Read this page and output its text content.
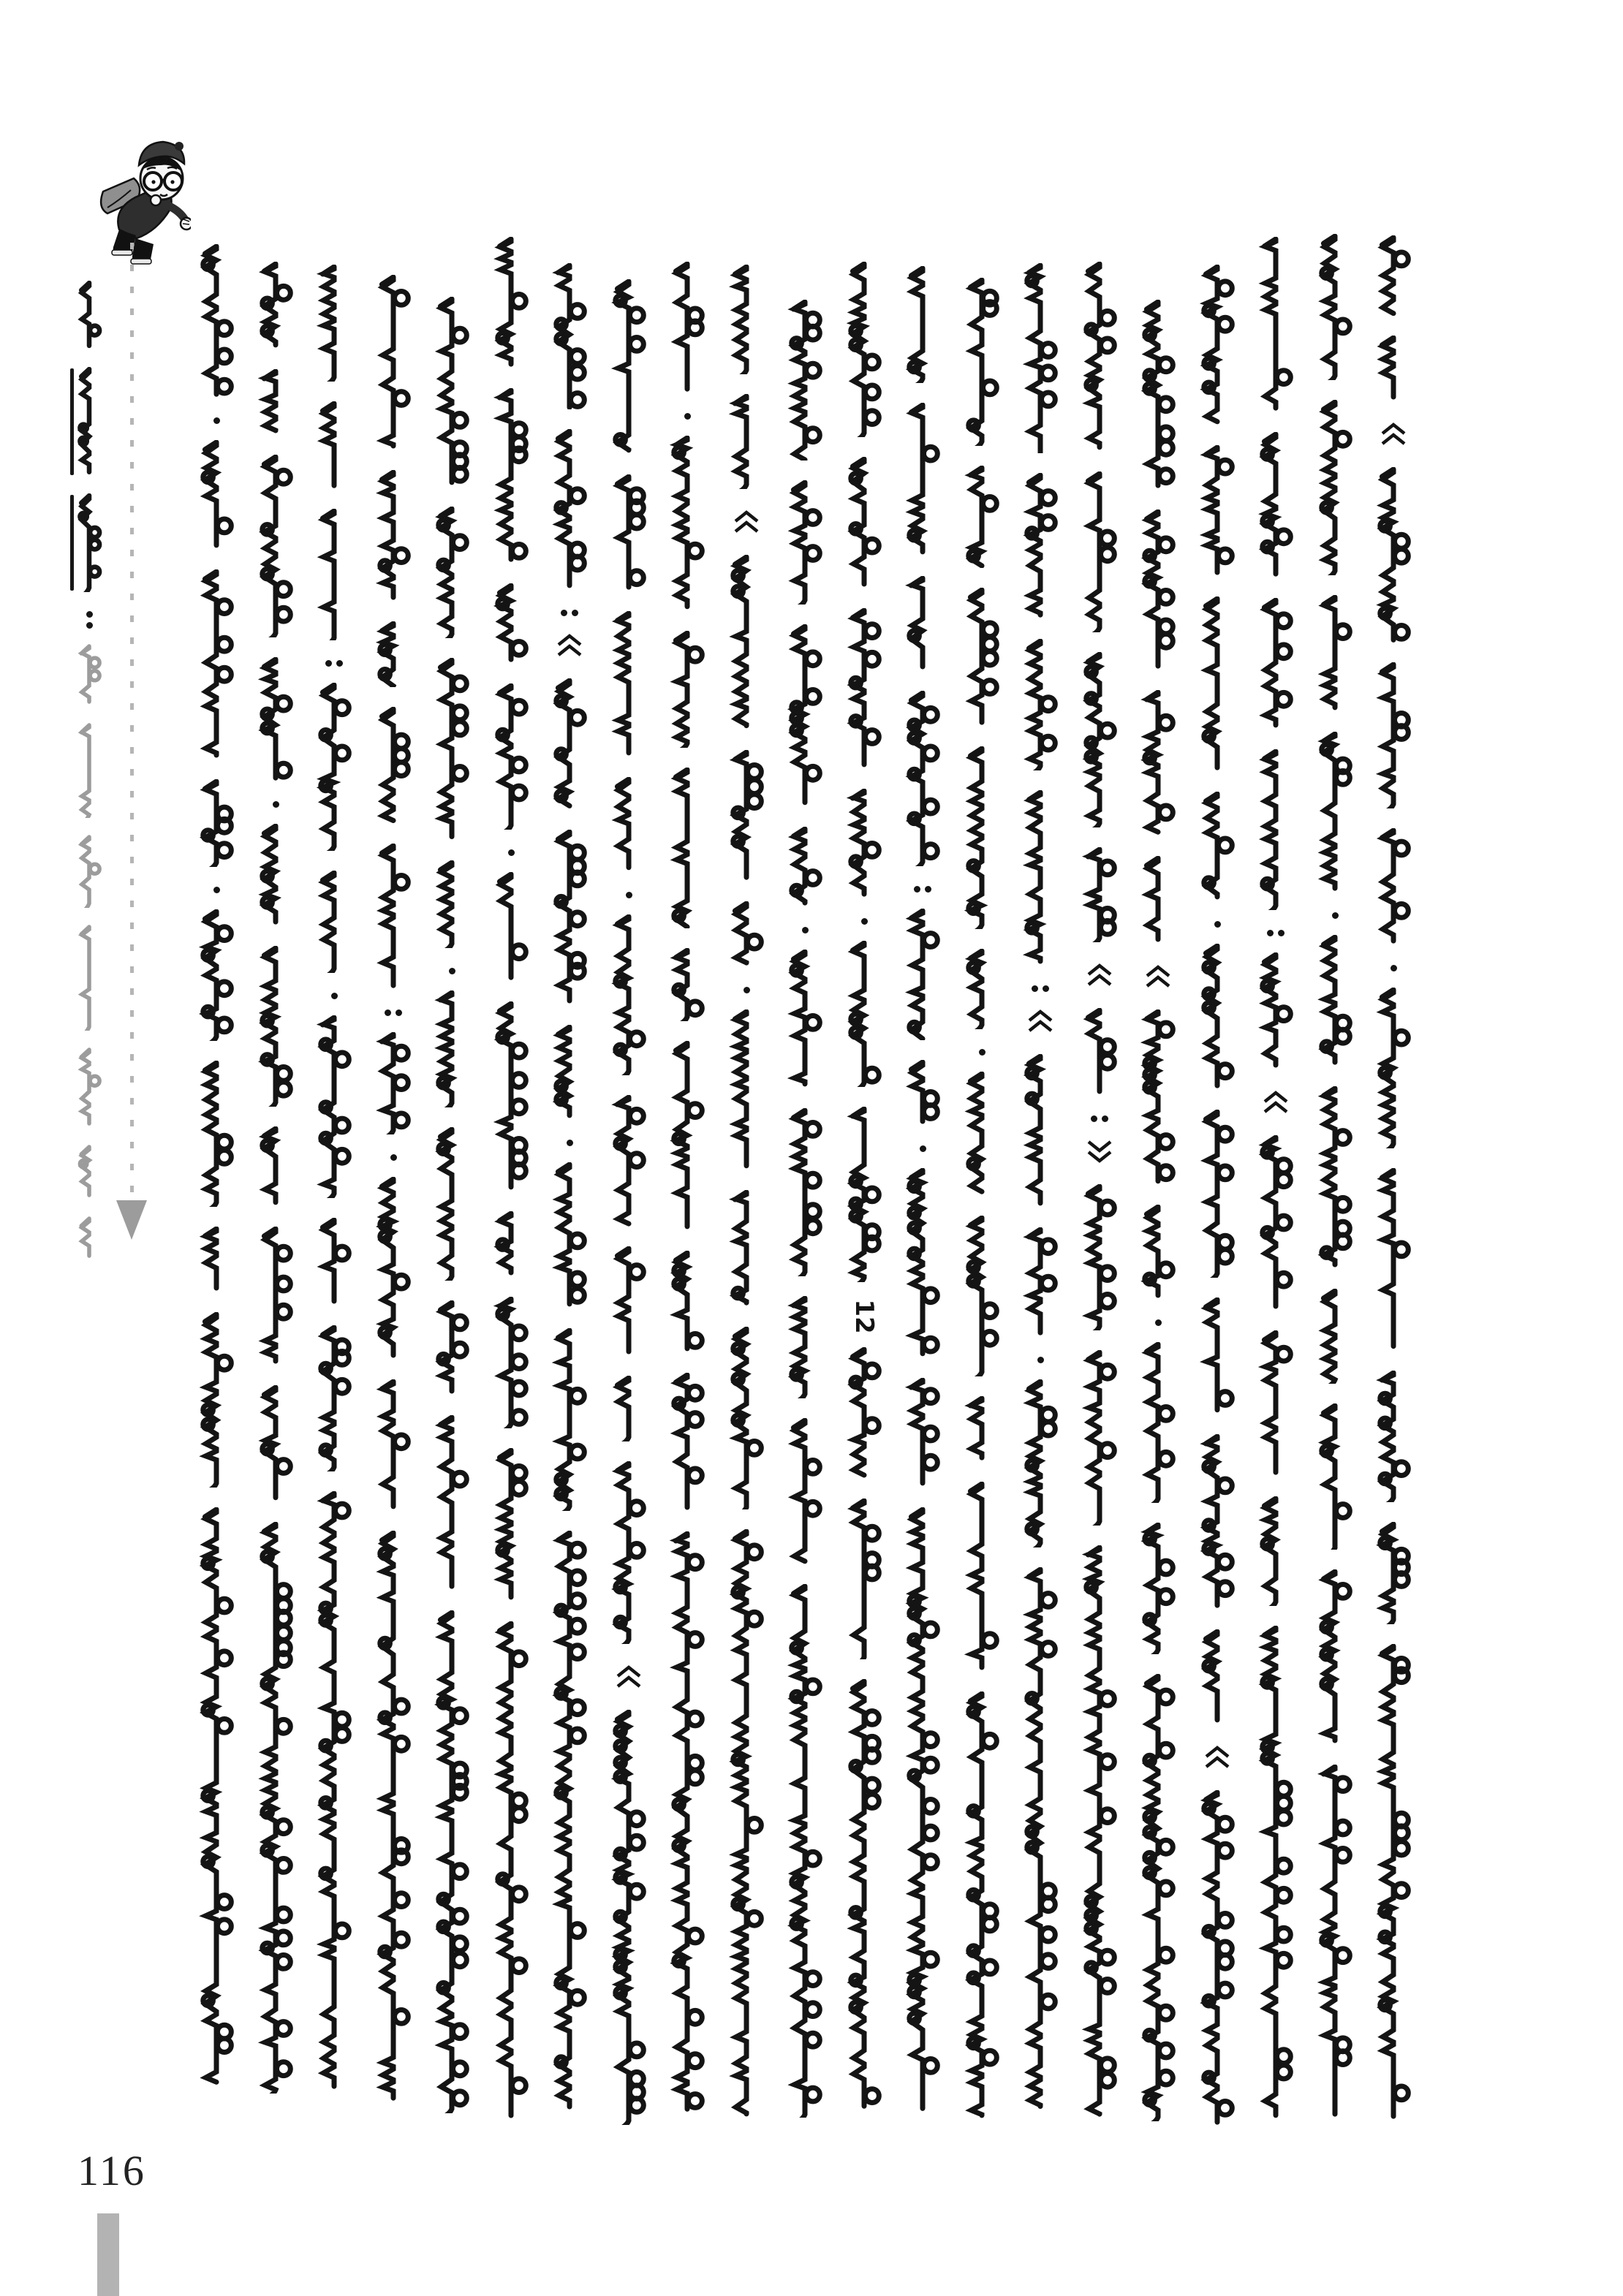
12
116
